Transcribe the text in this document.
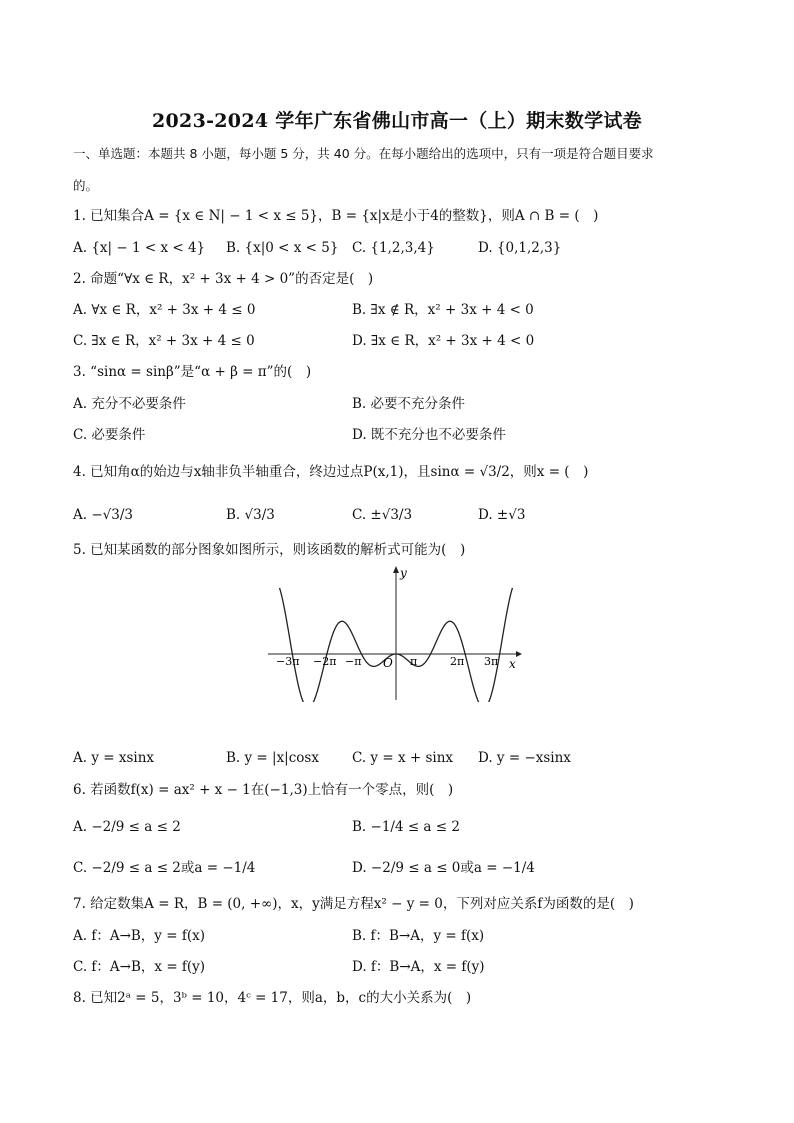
2023-2024 学年广东省佛山市高一（上）期末数学试卷
一、单选题：本题共 8 小题，每小题 5 分，共 40 分。在每小题给出的选项中，只有一项是符合题目要求
的。
1. 已知集合A = {x ∈ N| − 1 < x ≤ 5}，B = {x|x是小于4的整数}，则A ∩ B = (　)
A. {x| − 1 < x < 4} B. {x|0 < x < 5} C. {1,2,3,4}	D. {0,1,2,3}
2. 命题“∀x ∈ R，x² + 3x + 4 > 0”的否定是(　)
A. ∀x ∈ R，x² + 3x + 4 ≤ 0	B. ∃x ∉ R，x² + 3x + 4 < 0
C. ∃x ∈ R，x² + 3x + 4 ≤ 0	D. ∃x ∈ R，x² + 3x + 4 < 0
3. “sinα = sinβ”是“α + β = π”的(　)
A. 充分不必要条件	B. 必要不充分条件
C. 必要条件	D. 既不充分也不必要条件
4. 已知角α的始边与x轴非负半轴重合，终边过点P(x,1)，且sinα = √3/2，则x = (　)
A. −√3/3	B. √3/3	C. ±√3/3	D. ±√3
5. 已知某函数的部分图象如图所示，则该函数的解析式可能为(　)
y
x
O
−3π −2π −π	π	2π 3π
A. y = xsinx	B. y = |x|cosx C. y = x + sinx D. y = −xsinx
6. 若函数f(x) = ax² + x − 1在(−1,3)上恰有一个零点，则(　)
A. −2/9 ≤ a ≤ 2	B. −1/4 ≤ a ≤ 2
C. −2/9 ≤ a ≤ 2或a = −1/4	D. −2/9 ≤ a ≤ 0或a = −1/4
7. 给定数集A = R，B = (0, +∞)，x，y满足方程x² − y = 0，下列对应关系f为函数的是(　)
A. f：A→B，y = f(x)	B. f：B→A，y = f(x)
C. f：A→B，x = f(y)	D. f：B→A，x = f(y)
8. 已知2ᵃ = 5，3ᵇ = 10，4ᶜ = 17，则a，b，c的大小关系为(　)
